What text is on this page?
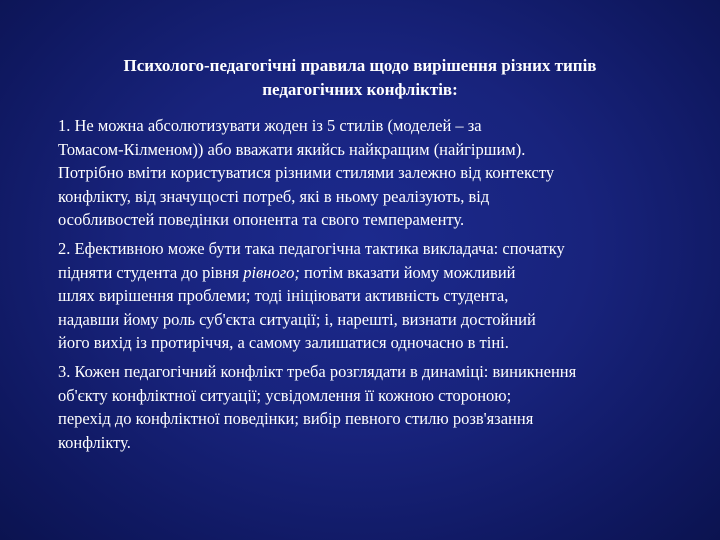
Психолого-педагогічні правила щодо вирішення різних типів
педагогічних конфліктів:

1. Не можна абсолютизувати жоден із 5 стилів (моделей – за
Томасом-Кілменом)) або вважати якийсь найкращим (найгіршим).
Потрібно вміти користуватися різними стилями залежно від контексту
конфлікту, від значущості потреб, які в ньому реалізують, від
особливостей поведінки опонента та свого темпераменту.

2. Ефективною може бути така педагогічна тактика викладача: спочатку
підняти студента до рівня рівного; потім вказати йому можливий
шлях вирішення проблеми; тоді ініціювати активність студента,
надавши йому роль суб'єкта ситуації; і, нарешті, визнати достойний
його вихід із протиріччя, а самому залишатися одночасно в тіні.

3. Кожен педагогічний конфлікт треба розглядати в динаміці: виникнення
об'єкту конфліктної ситуації; усвідомлення її кожною стороною;
перехід до конфліктної поведінки; вибір певного стилю розв'язання
конфлікту.
